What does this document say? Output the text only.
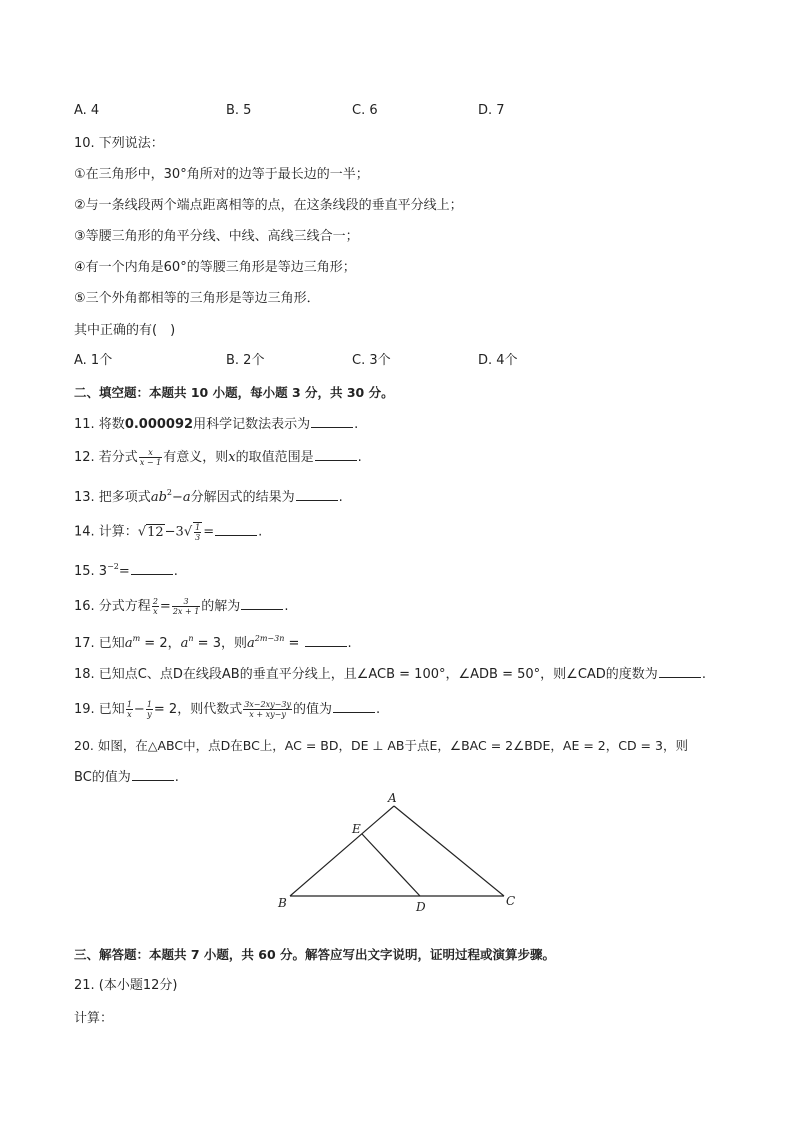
A. 4	B. 5	C. 6	D. 7
10. 下列说法：
①在三角形中，30°角所对的边等于最长边的一半；
②与一条线段两个端点距离相等的点，在这条线段的垂直平分线上；
③等腰三角形的角平分线、中线、高线三线合一；
④有一个内角是60°的等腰三角形是等边三角形；
⑤三个外角都相等的三角形是等边三角形．
其中正确的有(　)
A. 1个	B. 2个	C. 3个	D. 4个
二、填空题：本题共 10 小题，每小题 3 分，共 30 分。
11. 将数0.000092用科学记数法表示为	.
12. 若分式 $\frac{x}{x - 1}$ 有意义，则x的取值范围是	.
13. 把多项式$ab^2-a$分解因式的结果为	.
14. 计算：$√12-3√ \frac{1}{3}$ =	.
15. $3^{-2}=$	.
16. 分式方程 $\frac{2}{x} = \frac{3}{2x + 1}$ 的解为	.
17. 已知$a^m = 2$，$a^n = 3$，则$a^{2m-3n}$ =	.
18. 已知点C、点D在线段AB的垂直平分线上，且∠ACB = 100°，∠ADB = 50°，则∠CAD的度数为	.
19. 已知 $\frac{1}{x} - \frac{1}{y} = 2$，则代数式 $\frac{3x-2xy-3y}{x + xy-y}$ 的值为	.
20. 如图，在△ABC中，点D在BC上，AC = BD，DE ⊥ AB于点E，∠BAC = 2∠BDE，AE = 2，CD = 3，则
BC的值为	.
A
E
B	D	C
三、解答题：本题共 7 小题，共 60 分。解答应写出文字说明，证明过程或演算步骤。
21. (本小题12分)
计算：
